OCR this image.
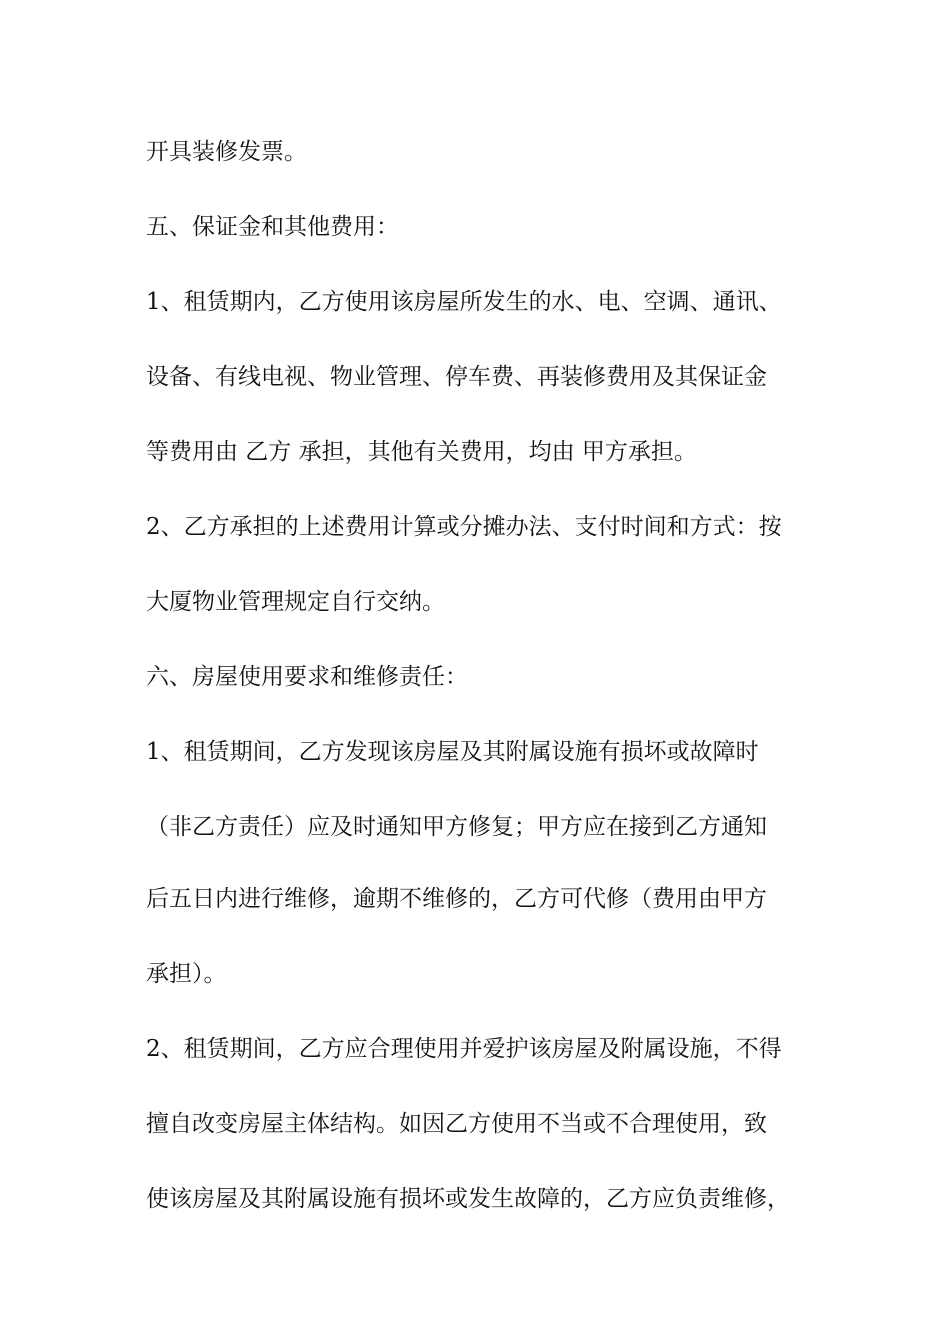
开具装修发票。
五、保证金和其他费用：
1、租赁期内，乙方使用该房屋所发生的水、电、空调、通讯、
设备、有线电视、物业管理、停车费、再装修费用及其保证金
等费用由 乙方 承担，其他有关费用，均由 甲方承担。
2、乙方承担的上述费用计算或分摊办法、支付时间和方式：按
大厦物业管理规定自行交纳。
六、房屋使用要求和维修责任：
1、租赁期间，乙方发现该房屋及其附属设施有损坏或故障时
（非乙方责任）应及时通知甲方修复；甲方应在接到乙方通知
后五日内进行维修，逾期不维修的，乙方可代修（费用由甲方
承担）。
2、租赁期间，乙方应合理使用并爱护该房屋及附属设施，不得
擅自改变房屋主体结构。如因乙方使用不当或不合理使用，致
使该房屋及其附属设施有损坏或发生故障的，乙方应负责维修，
